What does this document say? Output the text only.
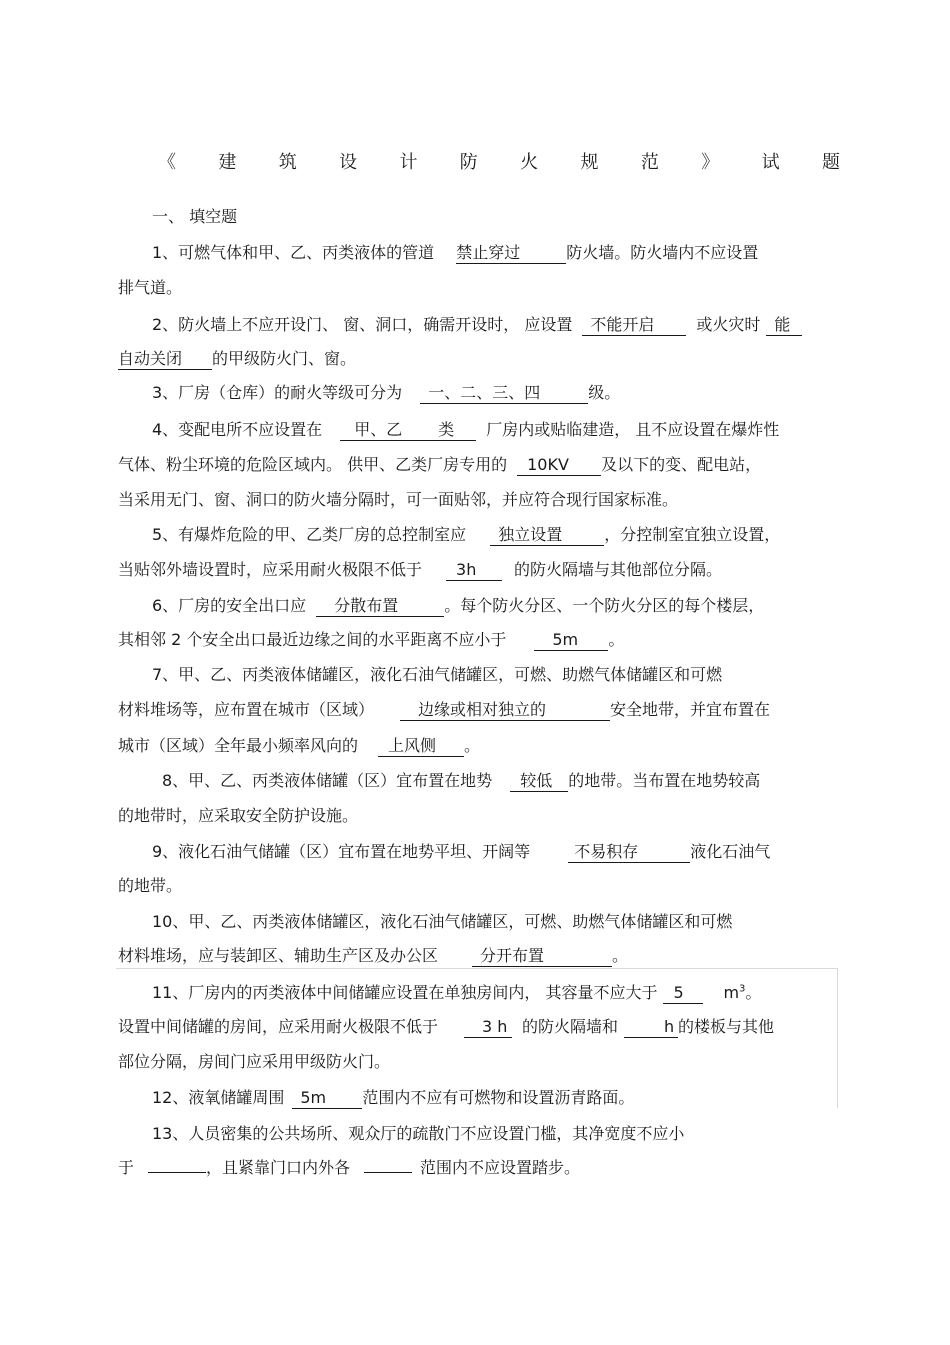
《 建 筑 设 计 防 火 规 范 》 试 题
一、 填空题
1、可燃气体和甲、乙、丙类液体的管道 禁止穿过	防火墙。防火墙内不应设置
排气道。
2、防火墙上不应开设门、 窗、洞口，确需开设时， 应设置 不能开启	或火灾时 能
自动关闭 的甲级防火门、窗。
3、厂房（仓库）的耐火等级可分为 一、二、三、四	级。
4、变配电所不应设置在 甲、乙 类 厂房内或贴临建造， 且不应设置在爆炸性
气体、粉尘环境的危险区域内。 供甲、乙类厂房专用的 10KV 及以下的变、配电站，
当采用无门、窗、洞口的防火墙分隔时，可一面贴邻，并应符合现行国家标准。
5、有爆炸危险的甲、乙类厂房的总控制室应 独立设置	，分控制室宜独立设置，
当贴邻外墙设置时，应采用耐火极限不低于 3h 的防火隔墙与其他部位分隔。
6、厂房的安全出口应 分散布置	。每个防火分区、一个防火分区的每个楼层，
其相邻 2 个安全出口最近边缘之间的水平距离不应小于	5m 。
7、甲、乙、丙类液体储罐区，液化石油气储罐区，可燃、助燃气体储罐区和可燃
材料堆场等，应布置在城市（区域）	边缘或相对独立的	安全地带，并宜布置在
城市（区域）全年最小频率风向的 上风侧 。
8、甲、乙、丙类液体储罐（区）宜布置在地势 较低 的地带。当布置在地势较高
的地带时，应采取安全防护设施。
9、液化石油气储罐（区）宜布置在地势平坦、开阔等	不易积存	液化石油气
的地带。
10、甲、乙、丙类液体储罐区，液化石油气储罐区，可燃、助燃气体储罐区和可燃
材料堆场，应与装卸区、辅助生产区及办公区	分开布置	。
11、厂房内的丙类液体中间储罐应设置在单独房间内， 其容量不应大于 5 $m^3$。
设置中间储罐的房间，应采用耐火极限不低于	3 h 的防火隔墙和	h 的楼板与其他
部位分隔，房间门应采用甲级防火门。
12、液氧储罐周围 5m 范围内不应有可燃物和设置沥青路面。
13、人员密集的公共场所、观众厅的疏散门不应设置门槛，其净宽度不应小
于	，且紧靠门口内外各	范围内不应设置踏步。
